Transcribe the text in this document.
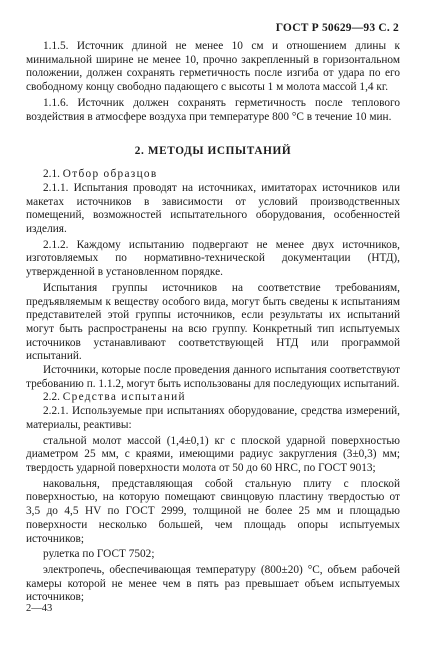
ГОСТ Р 50629—93 С. 2

1.1.5. Источник длиной не менее 10 см и отношением длины к минимальной ширине не менее 10, прочно закрепленный в горизонтальном положении, должен сохранять герметичность после изгиба от удара по его свободному концу свободно падающего с высоты 1 м молота массой 1,4 кг.

1.1.6. Источник должен сохранять герметичность после теплового воздействия в атмосфере воздуха при температуре 800 °С в течение 10 мин.

2. МЕТОДЫ ИСПЫТАНИЙ

2.1. Отбор образцов

2.1.1. Испытания проводят на источниках, имитаторах источников или макетах источников в зависимости от условий производственных помещений, возможностей испытательного оборудования, особенностей изделия.

2.1.2. Каждому испытанию подвергают не менее двух источников, изготовляемых по нормативно-технической документации (НТД), утвержденной в установленном порядке.

Испытания группы источников на соответствие требованиям, предъявляемым к веществу особого вида, могут быть сведены к испытаниям представителей этой группы источников, если результаты их испытаний могут быть распространены на всю группу. Конкретный тип испытуемых источников устанавливают соответствующей НТД или программой испытаний.

Источники, которые после проведения данного испытания соответствуют требованию п. 1.1.2, могут быть использованы для последующих испытаний.

2.2. Средства испытаний

2.2.1. Используемые при испытаниях оборудование, средства измерений, материалы, реактивы:

стальной молот массой (1,4±0,1) кг с плоской ударной поверхностью диаметром 25 мм, с краями, имеющими радиус закругления (3±0,3) мм; твердость ударной поверхности молота от 50 до 60 HRC, по ГОСТ 9013;

наковальня, представляющая собой стальную плиту с плоской поверхностью, на которую помещают свинцовую пластину твердостью от 3,5 до 4,5 HV по ГОСТ 2999, толщиной не более 25 мм и площадью поверхности несколько большей, чем площадь опоры испытуемых источников;

рулетка по ГОСТ 7502;

электропечь, обеспечивающая температуру (800±20) °С, объем рабочей камеры которой не менее чем в пять раз превышает объем испытуемых источников;

2—43
